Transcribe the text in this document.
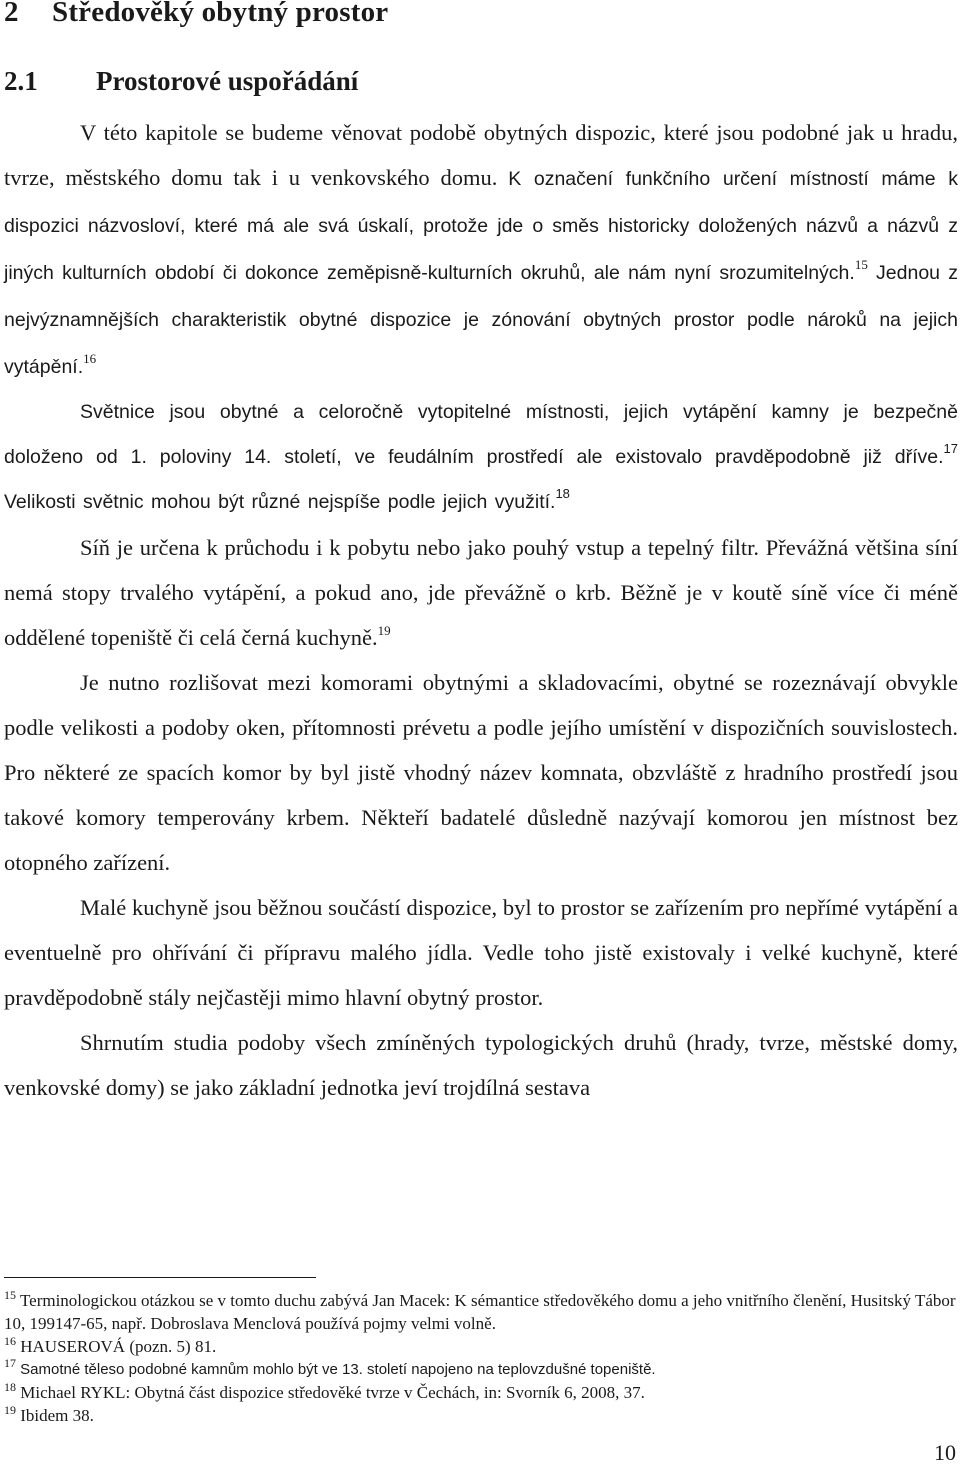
2 Středověký obytný prostor
2.1 Prostorové uspořádání

V této kapitole se budeme věnovat podobě obytných dispozic, které jsou podobné jak u hradu, tvrze, městského domu tak i u venkovského domu. K označení funkčního určení místností máme k dispozici názvosloví, které má ale svá úskalí, protože jde o směs historicky doložených názvů a názvů z jiných kulturních období či dokonce zeměpisně-kulturních okruhů, ale nám nyní srozumitelných.$^{15}$ Jednou z nejvýznamnějších charakteristik obytné dispozice je zónování obytných prostor podle nároků na jejich vytápění.$^{16}$

Světnice jsou obytné a celoročně vytopitelné místnosti, jejich vytápění kamny je bezpečně doloženo od 1. poloviny 14. století, ve feudálním prostředí ale existovalo pravděpodobně již dříve.$^{17}$ Velikosti světnic mohou být různé nejspíše podle jejich využití.$^{18}$

Síň je určena k průchodu i k pobytu nebo jako pouhý vstup a tepelný filtr. Převážná většina síní nemá stopy trvalého vytápění, a pokud ano, jde převážně o krb. Běžně je v koutě síně více či méně oddělené topeniště či celá černá kuchyně.$^{19}$

Je nutno rozlišovat mezi komorami obytnými a skladovacími, obytné se rozeznávají obvykle podle velikosti a podoby oken, přítomnosti prévetu a podle jejího umístění v dispozičních souvislostech. Pro některé ze spacích komor by byl jistě vhodný název komnata, obzvláště z hradního prostředí jsou takové komory temperovány krbem. Někteří badatelé důsledně nazývají komorou jen místnost bez otopného zařízení.

Malé kuchyně jsou běžnou součástí dispozice, byl to prostor se zařízením pro nepřímé vytápění a eventuelně pro ohřívání či přípravu malého jídla. Vedle toho jistě existovaly i velké kuchyně, které pravděpodobně stály nejčastěji mimo hlavní obytný prostor.

Shrnutím studia podoby všech zmíněných typologických druhů (hrady, tvrze, městské domy, venkovské domy) se jako základní jednotka jeví trojdílná sestava

$^{15}$ Terminologickou otázkou se v tomto duchu zabývá Jan Macek: K sémantice středověkého domu a jeho vnitřního členění, Husitský Tábor 10, 199147-65, např. Dobroslava Menclová používá pojmy velmi volně.

$^{16}$ HAUSEROVÁ (pozn. 5) 81.

$^{17}$ Samotné těleso podobné kamnům mohlo být ve 13. století napojeno na teplovzdušné topeniště.

$^{18}$ Michael RYKL: Obytná část dispozice středověké tvrze v Čechách, in: Svorník 6, 2008, 37.

$^{19}$ Ibidem 38.

10
